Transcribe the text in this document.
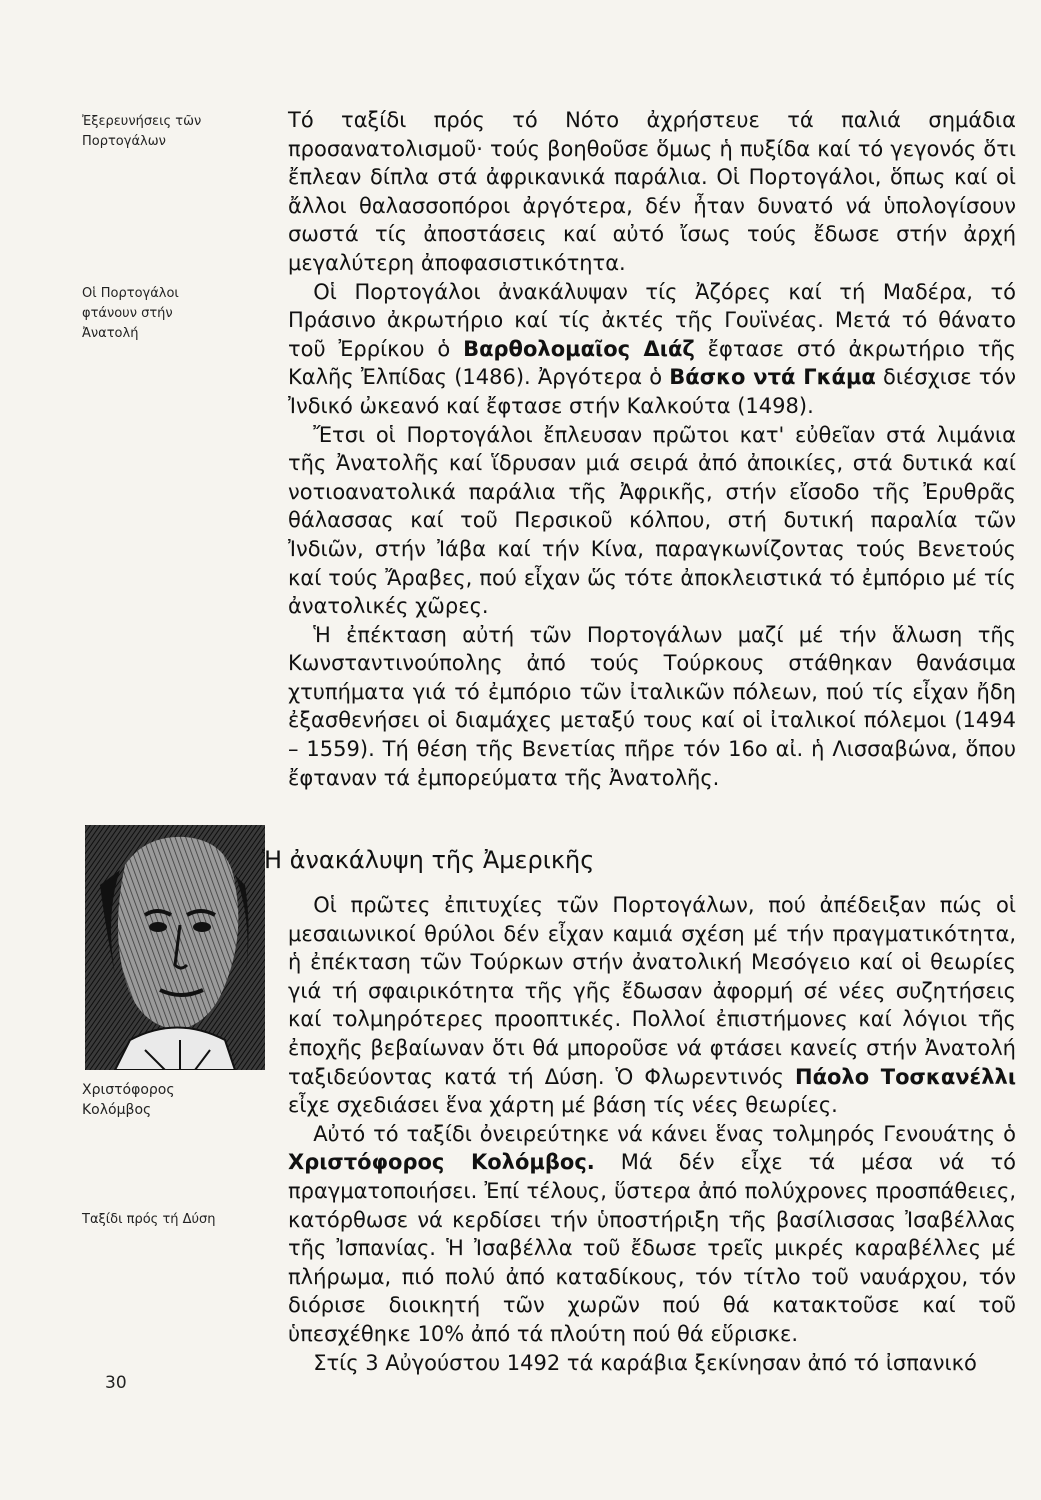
Ἐξερευνήσεις τῶν Πορτογάλων
Οἱ Πορτογάλοι φτάνουν στήν Ἀνατολή
Χριστόφορος Κολόμβος
Ταξίδι πρός τή Δύση

Τό ταξίδι πρός τό Νότο ἀχρήστευε τά παλιά σημάδια προσανατολισμοῦ· τούς βοηθοῦσε ὅμως ἡ πυξίδα καί τό γεγονός ὅτι ἔπλεαν δίπλα στά ἀφρικανικά παράλια. Οἱ Πορτογάλοι, ὅπως καί οἱ ἄλλοι θαλασσοπόροι ἀργότερα, δέν ἦταν δυνατό νά ὑπολογίσουν σωστά τίς ἀποστάσεις καί αὐτό ἴσως τούς ἔδωσε στήν ἀρχή μεγαλύτερη ἀποφασιστικότητα.

Οἱ Πορτογάλοι ἀνακάλυψαν τίς Ἀζόρες καί τή Μαδέρα, τό Πράσινο ἀκρωτήριο καί τίς ἀκτές τῆς Γουϊνέας. Μετά τό θάνατο τοῦ Ἐρρίκου ὁ Βαρθολομαῖος Διάζ ἔφτασε στό ἀκρωτήριο τῆς Καλῆς Ἐλπίδας (1486). Ἀργότερα ὁ Βάσκο ντά Γκάμα διέσχισε τόν Ἰνδικό ὠκεανό καί ἔφτασε στήν Καλκούτα (1498).

Ἔτσι οἱ Πορτογάλοι ἔπλευσαν πρῶτοι κατ' εὐθεῖαν στά λιμάνια τῆς Ἀνατολῆς καί ἵδρυσαν μιά σειρά ἀπό ἀποικίες, στά δυτικά καί νοτιοανατολικά παράλια τῆς Ἀφρικῆς, στήν εἴσοδο τῆς Ἐρυθρᾶς θάλασσας καί τοῦ Περσικοῦ κόλπου, στή δυτική παραλία τῶν Ἰνδιῶν, στήν Ἰάβα καί τήν Κίνα, παραγκωνίζοντας τούς Βενετούς καί τούς Ἄραβες, πού εἶχαν ὥς τότε ἀποκλειστικά τό ἐμπόριο μέ τίς ἀνατολικές χῶρες.

Ἡ ἐπέκταση αὐτή τῶν Πορτογάλων μαζί μέ τήν ἅλωση τῆς Κωνσταντινούπολης ἀπό τούς Τούρκους στάθηκαν θανάσιμα χτυπήματα γιά τό ἐμπόριο τῶν ἰταλικῶν πόλεων, πού τίς εἶχαν ἤδη ἐξασθενήσει οἱ διαμάχες μεταξύ τους καί οἱ ἰταλικοί πόλεμοι (1494 – 1559). Τή θέση τῆς Βενετίας πῆρε τόν 16ο αἰ. ἡ Λισσαβώνα, ὅπου ἔφταναν τά ἐμπορεύματα τῆς Ἀνατολῆς.

Ἡ ἀνακάλυψη τῆς Ἀμερικῆς

Οἱ πρῶτες ἐπιτυχίες τῶν Πορτογάλων, πού ἀπέδειξαν πώς οἱ μεσαιωνικοί θρύλοι δέν εἶχαν καμιά σχέση μέ τήν πραγματικότητα, ἡ ἐπέκταση τῶν Τούρκων στήν ἀνατολική Μεσόγειο καί οἱ θεωρίες γιά τή σφαιρικότητα τῆς γῆς ἔδωσαν ἀφορμή σέ νέες συζητήσεις καί τολμηρότερες προοπτικές. Πολλοί ἐπιστήμονες καί λόγιοι τῆς ἐποχῆς βεβαίωναν ὅτι θά μποροῦσε νά φτάσει κανείς στήν Ἀνατολή ταξιδεύοντας κατά τή Δύση. Ὁ Φλωρεντινός Πάολο Τοσκανέλλι εἶχε σχεδιάσει ἕνα χάρτη μέ βάση τίς νέες θεωρίες.

Αὐτό τό ταξίδι ὀνειρεύτηκε νά κάνει ἕνας τολμηρός Γενουάτης ὁ Χριστόφορος Κολόμβος. Μά δέν εἶχε τά μέσα νά τό πραγματοποιήσει. Ἐπί τέλους, ὕστερα ἀπό πολύχρονες προσπάθειες, κατόρθωσε νά κερδίσει τήν ὑποστήριξη τῆς βασίλισσας Ἰσαβέλλας τῆς Ἰσπανίας. Ἡ Ἰσαβέλλα τοῦ ἔδωσε τρεῖς μικρές καραβέλλες μέ πλήρωμα, πιό πολύ ἀπό καταδίκους, τόν τίτλο τοῦ ναυάρχου, τόν διόρισε διοικητή τῶν χωρῶν πού θά κατακτοῦσε καί τοῦ ὑπεσχέθηκε 10% ἀπό τά πλούτη πού θά εὕρισκε.

Στίς 3 Αὐγούστου 1492 τά καράβια ξεκίνησαν ἀπό τό ἰσπανικό

30
